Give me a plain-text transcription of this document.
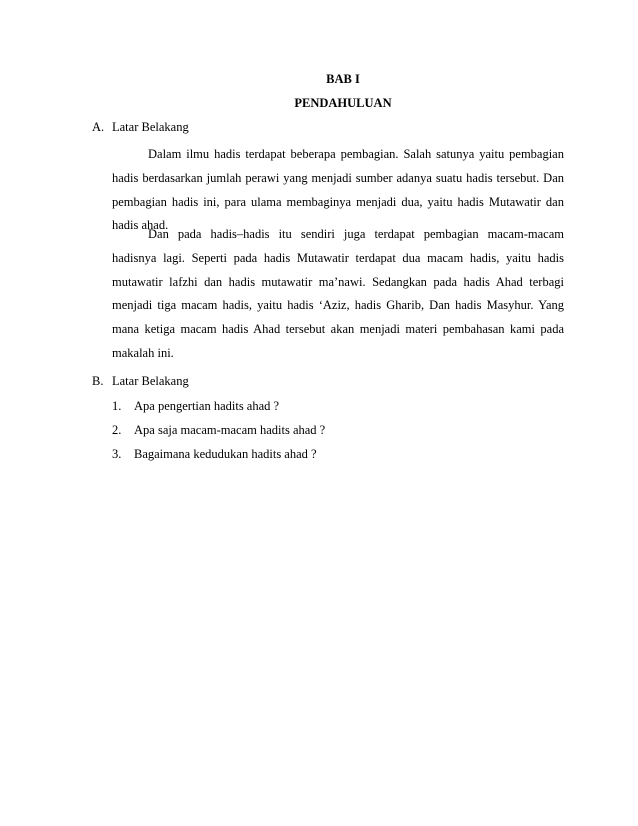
BAB I
PENDAHULUAN
A. Latar Belakang
Dalam ilmu hadis terdapat beberapa pembagian. Salah satunya yaitu pembagian hadis berdasarkan jumlah perawi yang menjadi sumber adanya suatu hadis tersebut. Dan pembagian hadis ini, para ulama membaginya menjadi dua, yaitu hadis Mutawatir dan hadis ahad.
Dan pada hadis–hadis itu sendiri juga terdapat pembagian macam-macam hadisnya lagi. Seperti pada hadis Mutawatir terdapat dua macam hadis, yaitu hadis mutawatir lafzhi dan hadis mutawatir ma’nawi. Sedangkan pada hadis Ahad terbagi menjadi tiga macam hadis, yaitu hadis ‘Aziz, hadis Gharib, Dan hadis Masyhur. Yang mana ketiga macam hadis Ahad tersebut akan menjadi materi pembahasan kami pada makalah ini.
B. Latar Belakang
1. Apa pengertian hadits ahad ?
2. Apa saja macam-macam hadits ahad ?
3. Bagaimana kedudukan hadits ahad ?
